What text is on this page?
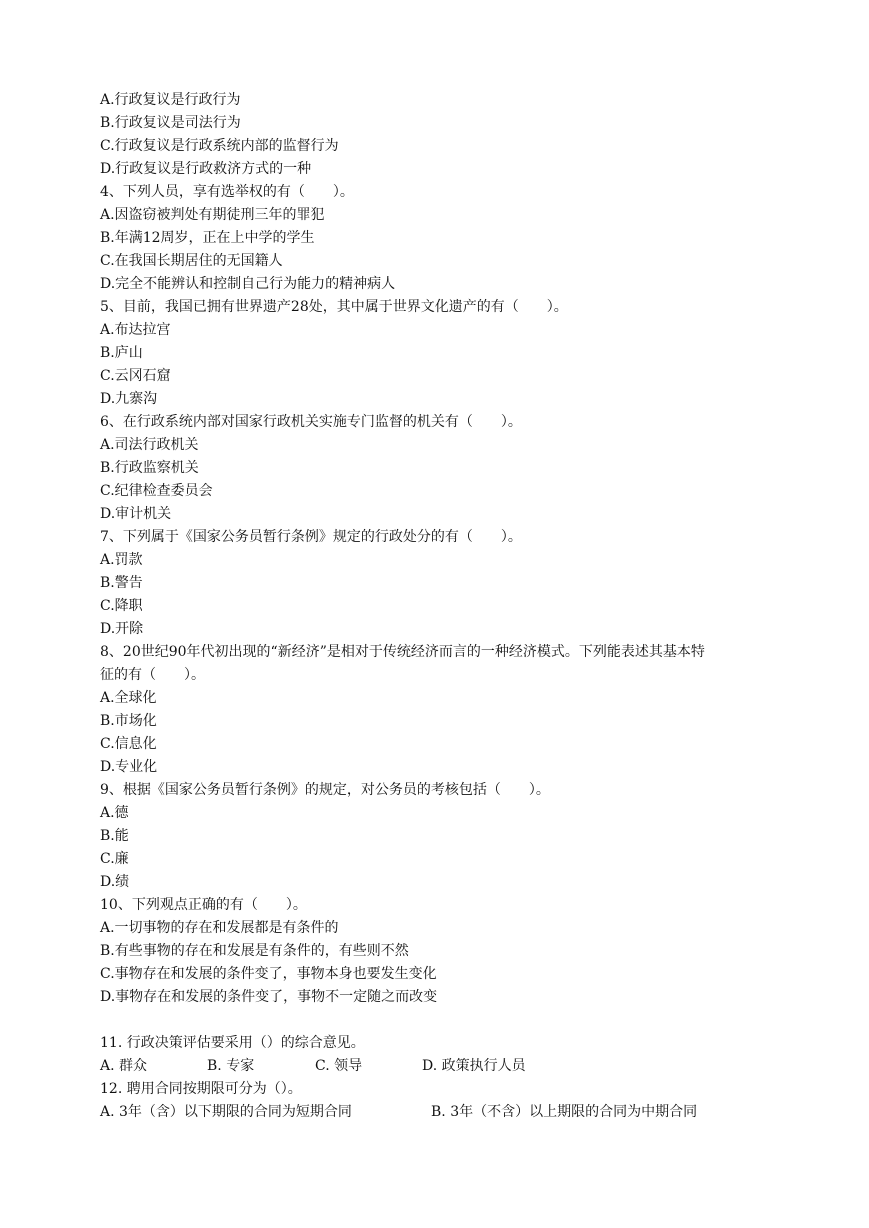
A.行政复议是行政行为
B.行政复议是司法行为
C.行政复议是行政系统内部的监督行为
D.行政复议是行政救济方式的一种
4、下列人员，享有选举权的有（　　）。
A.因盗窃被判处有期徒刑三年的罪犯
B.年满12周岁，正在上中学的学生
C.在我国长期居住的无国籍人
D.完全不能辨认和控制自己行为能力的精神病人
5、目前，我国已拥有世界遗产28处，其中属于世界文化遗产的有（　　）。
A.布达拉宫
B.庐山
C.云冈石窟
D.九寨沟
6、在行政系统内部对国家行政机关实施专门监督的机关有（　　）。
A.司法行政机关
B.行政监察机关
C.纪律检查委员会
D.审计机关
7、下列属于《国家公务员暂行条例》规定的行政处分的有（　　）。
A.罚款
B.警告
C.降职
D.开除
8、20世纪90年代初出现的“新经济”是相对于传统经济而言的一种经济模式。下列能表述其基本特
征的有（　　）。
A.全球化
B.市场化
C.信息化
D.专业化
9、根据《国家公务员暂行条例》的规定，对公务员的考核包括（　　）。
A.德
B.能
C.廉
D.绩
10、下列观点正确的有（　　）。
A.一切事物的存在和发展都是有条件的
B.有些事物的存在和发展是有条件的，有些则不然
C.事物存在和发展的条件变了，事物本身也要发生变化
D.事物存在和发展的条件变了，事物不一定随之而改变
11. 行政决策评估要采用（）的综合意见。
A. 群众	B. 专家	C. 领导	D. 政策执行人员
12. 聘用合同按期限可分为（）。
A. 3年（含）以下期限的合同为短期合同	B. 3年（不含）以上期限的合同为中期合同
